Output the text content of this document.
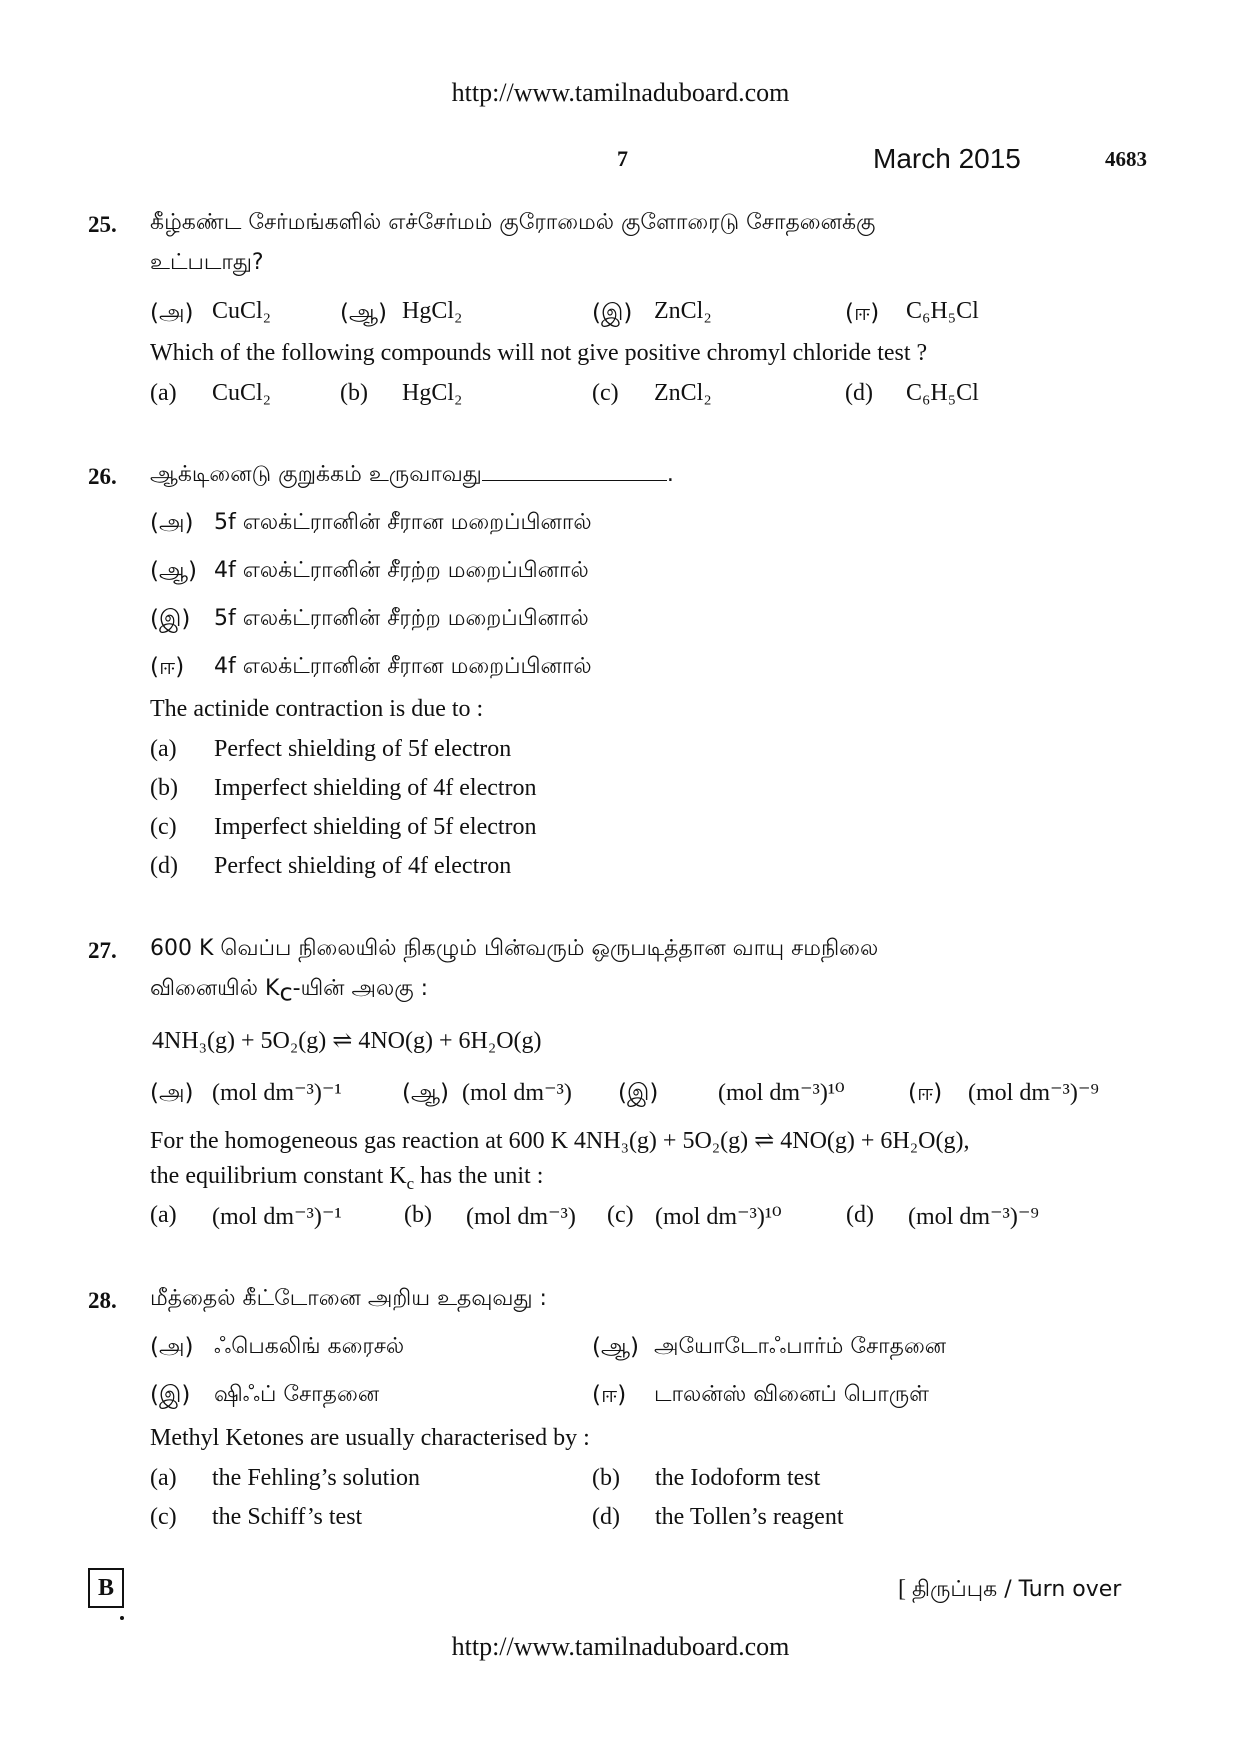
http://www.tamilnaduboard.com
7	March 2015	4683
25. கீழ்கண்ட சேர்மங்களில் எச்சேர்மம் குரோமைல் குளோரைடு சோதனைக்கு
உட்படாது?
(அ) CuCl₂	(ஆ) HgCl₂	(இ) ZnCl₂	(ஈ) C₆H₅Cl
Which of the following compounds will not give positive chromyl chloride test ?
(a) CuCl₂	(b) HgCl₂	(c) ZnCl₂	(d) C₆H₅Cl
26. ஆக்டினைடு குறுக்கம் உருவாவது	.
(அ) 5f எலக்ட்ரானின் சீரான மறைப்பினால்
(ஆ) 4f எலக்ட்ரானின் சீரற்ற மறைப்பினால்
(இ) 5f எலக்ட்ரானின் சீரற்ற மறைப்பினால்
(ஈ) 4f எலக்ட்ரானின் சீரான மறைப்பினால்
The actinide contraction is due to :
(a) Perfect shielding of 5f electron
(b) Imperfect shielding of 4f electron
(c) Imperfect shielding of 5f electron
(d) Perfect shielding of 4f electron
27. 600 K வெப்ப நிலையில் நிகழும் பின்வரும் ஒருபடித்தான வாயு சமநிலை
வினையில் $K_c-யின்$ அலகு :
4NH₃(g) + 5O₂(g) ⇌ 4NO(g) + 6H₂O(g)
(அ) (mol dm⁻³)⁻¹	(ஆ) (mol dm⁻³) (இ) (mol dm⁻³)¹⁰	(ஈ) (mol dm⁻³)⁻⁹
For the homogeneous gas reaction at 600 K 4NH₃(g) + 5O₂(g) ⇌ 4NO(g) + 6H₂O(g),
the equilibrium constant $K_c$ has the unit :
(a) (mol dm⁻³)⁻¹	(b) (mol dm⁻³) (c) (mol dm⁻³)¹⁰	(d) (mol dm⁻³)⁻⁹
28. மீத்தைல் கீட்டோனை அறிய உதவுவது :
(அ) ஃபெகலிங் கரைசல்	(ஆ) அயோடோஃபார்ம் சோதனை
(இ) ஷிஃப் சோதனை	(ஈ) டாலன்ஸ் வினைப் பொருள்
Methyl Ketones are usually characterised by :
(a) the Fehling’s solution	(b) the Iodoform test
(c) the Schiff’s test	(d) the Tollen’s reagent
B	[ திருப்புக / Turn over
http://www.tamilnaduboard.com
